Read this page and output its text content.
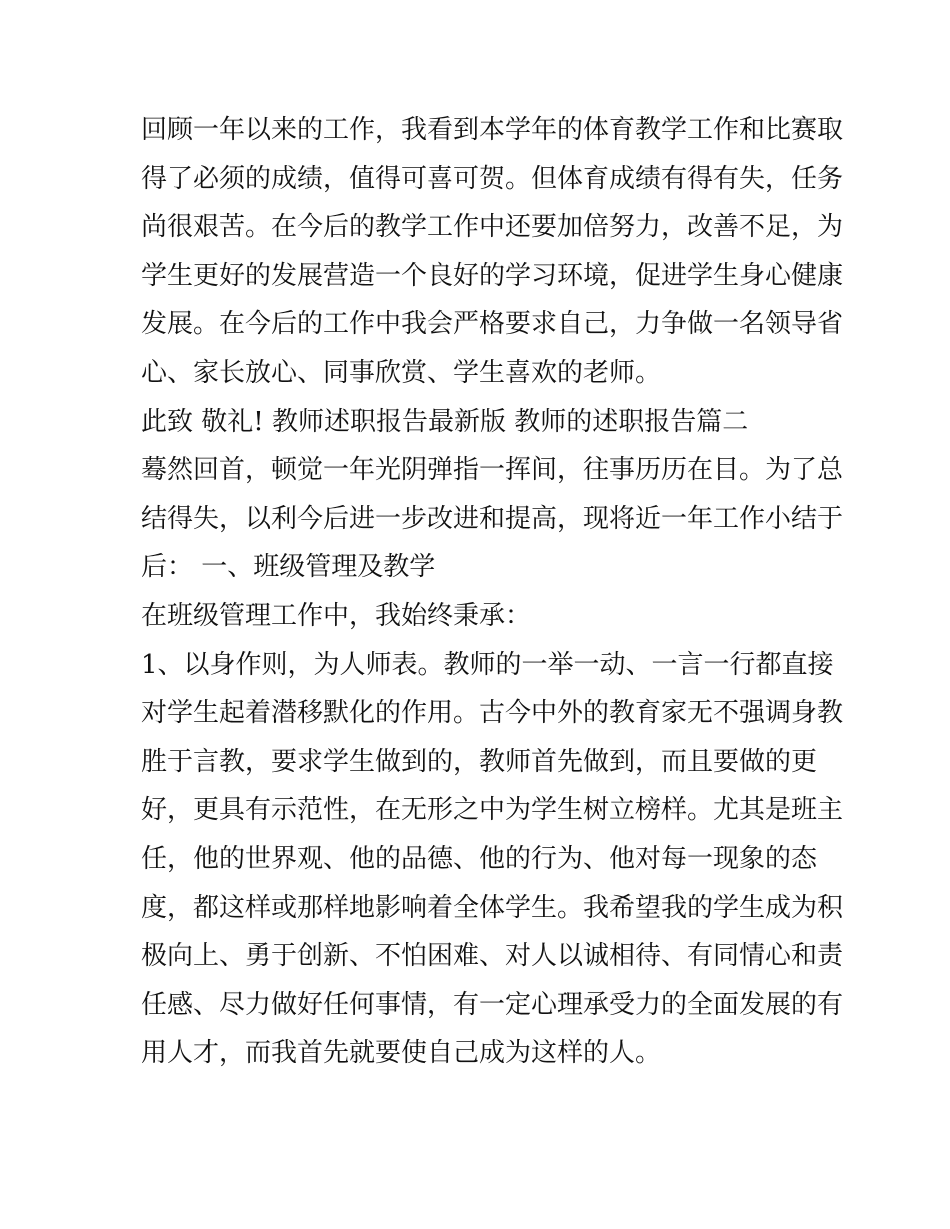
回顾一年以来的工作，我看到本学年的体育教学工作和比赛取
得了必须的成绩，值得可喜可贺。但体育成绩有得有失，任务
尚很艰苦。在今后的教学工作中还要加倍努力，改善不足，为
学生更好的发展营造一个良好的学习环境，促进学生身心健康
发展。在今后的工作中我会严格要求自己，力争做一名领导省
心、家长放心、同事欣赏、学生喜欢的老师。
此致 敬礼! 教师述职报告最新版 教师的述职报告篇二
蓦然回首，顿觉一年光阴弹指一挥间，往事历历在目。为了总
结得失，以利今后进一步改进和提高，现将近一年工作小结于
后： 一、班级管理及教学
在班级管理工作中，我始终秉承：
1、以身作则，为人师表。教师的一举一动、一言一行都直接
对学生起着潜移默化的作用。古今中外的教育家无不强调身教
胜于言教，要求学生做到的，教师首先做到，而且要做的更
好，更具有示范性，在无形之中为学生树立榜样。尤其是班主
任，他的世界观、他的品德、他的行为、他对每一现象的态
度，都这样或那样地影响着全体学生。我希望我的学生成为积
极向上、勇于创新、不怕困难、对人以诚相待、有同情心和责
任感、尽力做好任何事情，有一定心理承受力的全面发展的有
用人才，而我首先就要使自己成为这样的人。
